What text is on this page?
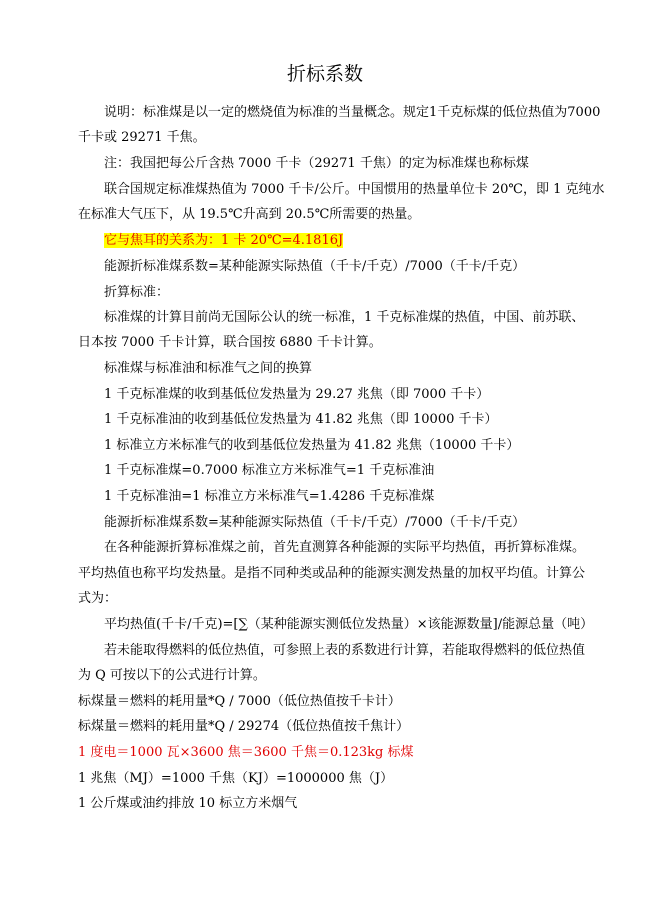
折标系数
说明：标准煤是以一定的燃烧值为标准的当量概念。规定1千克标煤的低位热值为7000
千卡或 29271 千焦。
注：我国把每公斤含热 7000 千卡（29271 千焦）的定为标准煤也称标煤
联合国规定标准煤热值为 7000 千卡/公斤。中国惯用的热量单位卡 20℃，即 1 克纯水
在标准大气压下，从 19.5℃升高到 20.5℃所需要的热量。
它与焦耳的关系为：1 卡 20℃=4.1816J
能源折标准煤系数=某种能源实际热值（千卡/千克）/7000（千卡/千克）
折算标准：
标准煤的计算目前尚无国际公认的统一标准，1 千克标准煤的热值，中国、前苏联、
日本按 7000 千卡计算，联合国按 6880 千卡计算。
标准煤与标准油和标准气之间的换算
1 千克标准煤的收到基低位发热量为 29.27 兆焦（即 7000 千卡）
1 千克标准油的收到基低位发热量为 41.82 兆焦（即 10000 千卡）
1 标准立方米标准气的收到基低位发热量为 41.82 兆焦（10000 千卡）
1 千克标准煤=0.7000 标准立方米标准气=1 千克标准油
1 千克标准油=1 标准立方米标准气=1.4286 千克标准煤
能源折标准煤系数=某种能源实际热值（千卡/千克）/7000（千卡/千克）
在各种能源折算标准煤之前，首先直测算各种能源的实际平均热值，再折算标准煤。
平均热值也称平均发热量。是指不同种类或品种的能源实测发热量的加权平均值。计算公
式为：
平均热值(千卡/千克)=[∑（某种能源实测低位发热量）×该能源数量]/能源总量（吨）
若未能取得燃料的低位热值，可参照上表的系数进行计算，若能取得燃料的低位热值
为 Q 可按以下的公式进行计算。
标煤量＝燃料的耗用量*Q / 7000（低位热值按千卡计）
标煤量＝燃料的耗用量*Q / 29274（低位热值按千焦计）
1 度电＝1000 瓦×3600 焦＝3600 千焦＝0.123kg 标煤
1 兆焦（MJ）=1000 千焦（KJ）=1000000 焦（J）
1 公斤煤或油约排放 10 标立方米烟气
